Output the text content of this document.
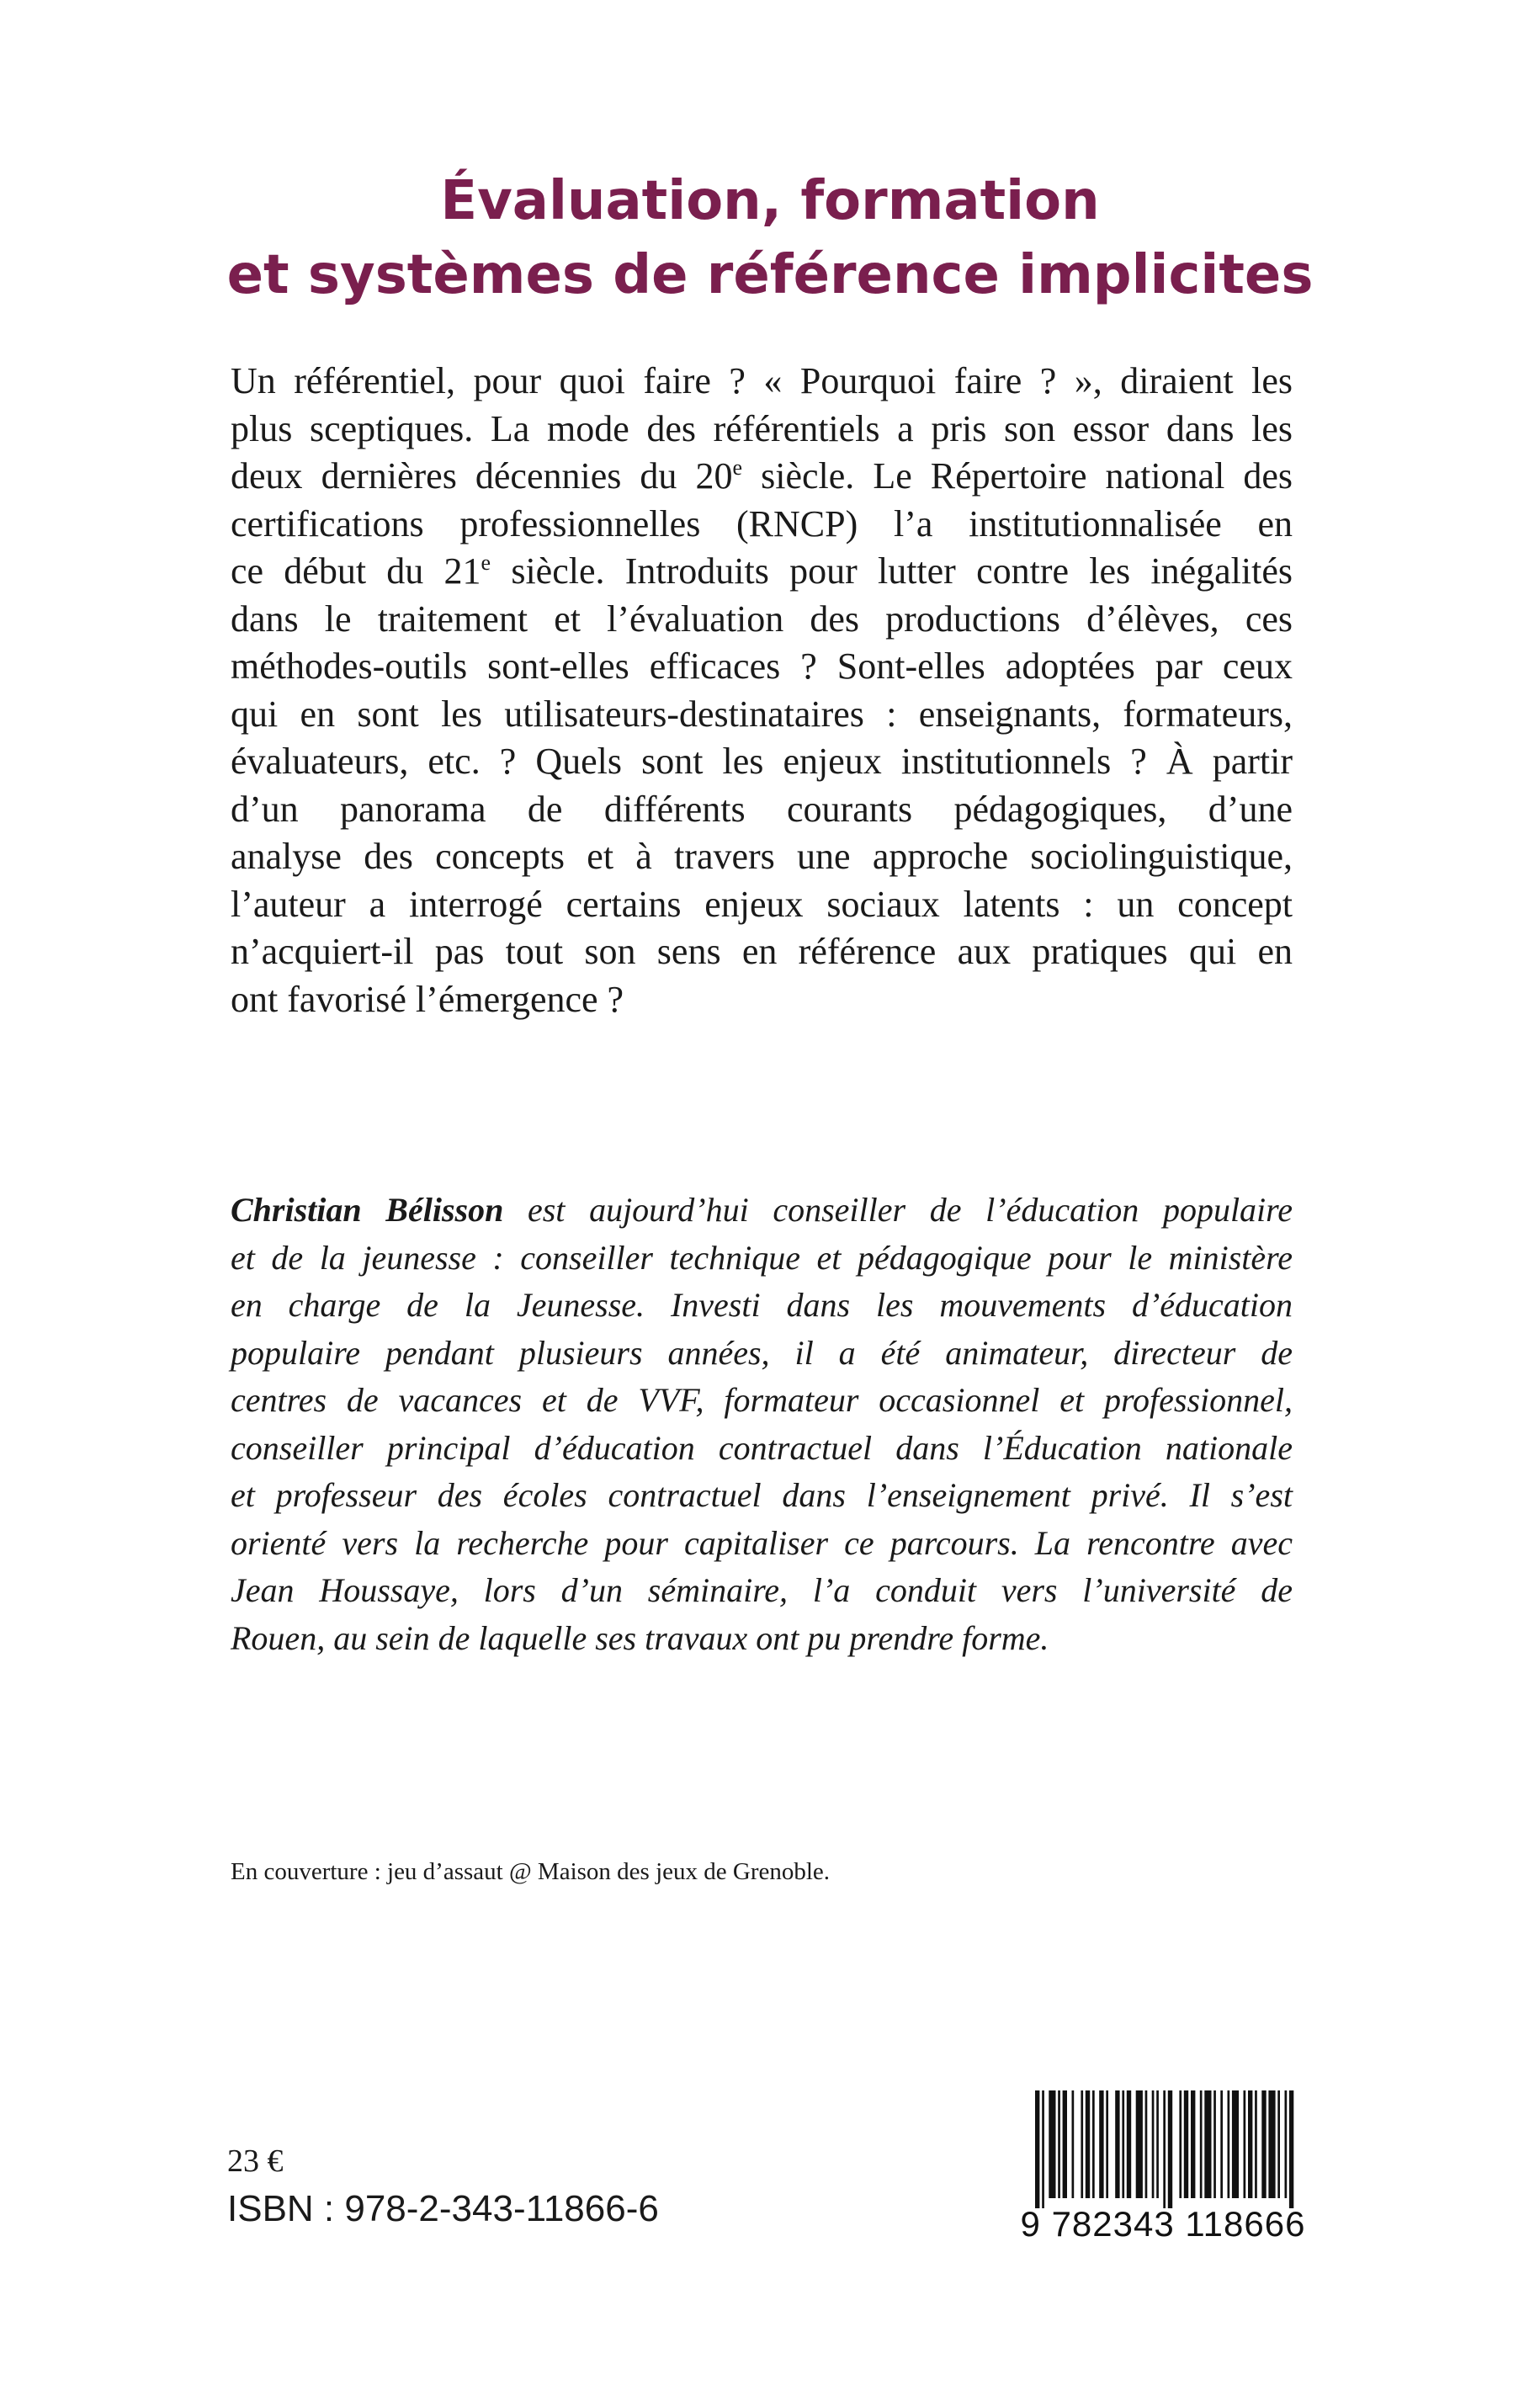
Évaluation, formation
et systèmes de référence implicites
Un référentiel, pour quoi faire ? « Pourquoi faire ? », diraient les
plus sceptiques. La mode des référentiels a pris son essor dans les
deux dernières décennies du 20e siècle. Le Répertoire national des
certifications professionnelles (RNCP) l’a institutionnalisée en
ce début du 21e siècle. Introduits pour lutter contre les inégalités
dans le traitement et l’évaluation des productions d’élèves, ces
méthodes-outils sont-elles efficaces ? Sont-elles adoptées par ceux
qui en sont les utilisateurs-destinataires : enseignants, formateurs,
évaluateurs, etc. ? Quels sont les enjeux institutionnels ? À partir
d’un panorama de différents courants pédagogiques, d’une
analyse des concepts et à travers une approche sociolinguistique,
l’auteur a interrogé certains enjeux sociaux latents : un concept
n’acquiert-il pas tout son sens en référence aux pratiques qui en
ont favorisé l’émergence ?
Christian Bélisson est aujourd’hui conseiller de l’éducation populaire
et de la jeunesse : conseiller technique et pédagogique pour le ministère
en charge de la Jeunesse. Investi dans les mouvements d’éducation
populaire pendant plusieurs années, il a été animateur, directeur de
centres de vacances et de VVF, formateur occasionnel et professionnel,
conseiller principal d’éducation contractuel dans l’Éducation nationale
et professeur des écoles contractuel dans l’enseignement privé. Il s’est
orienté vers la recherche pour capitaliser ce parcours. La rencontre avec
Jean Houssaye, lors d’un séminaire, l’a conduit vers l’université de
Rouen, au sein de laquelle ses travaux ont pu prendre forme.
En couverture : jeu d’assaut @ Maison des jeux de Grenoble.
23 €
ISBN : 978-2-343-11866-6	9 782343 118666
